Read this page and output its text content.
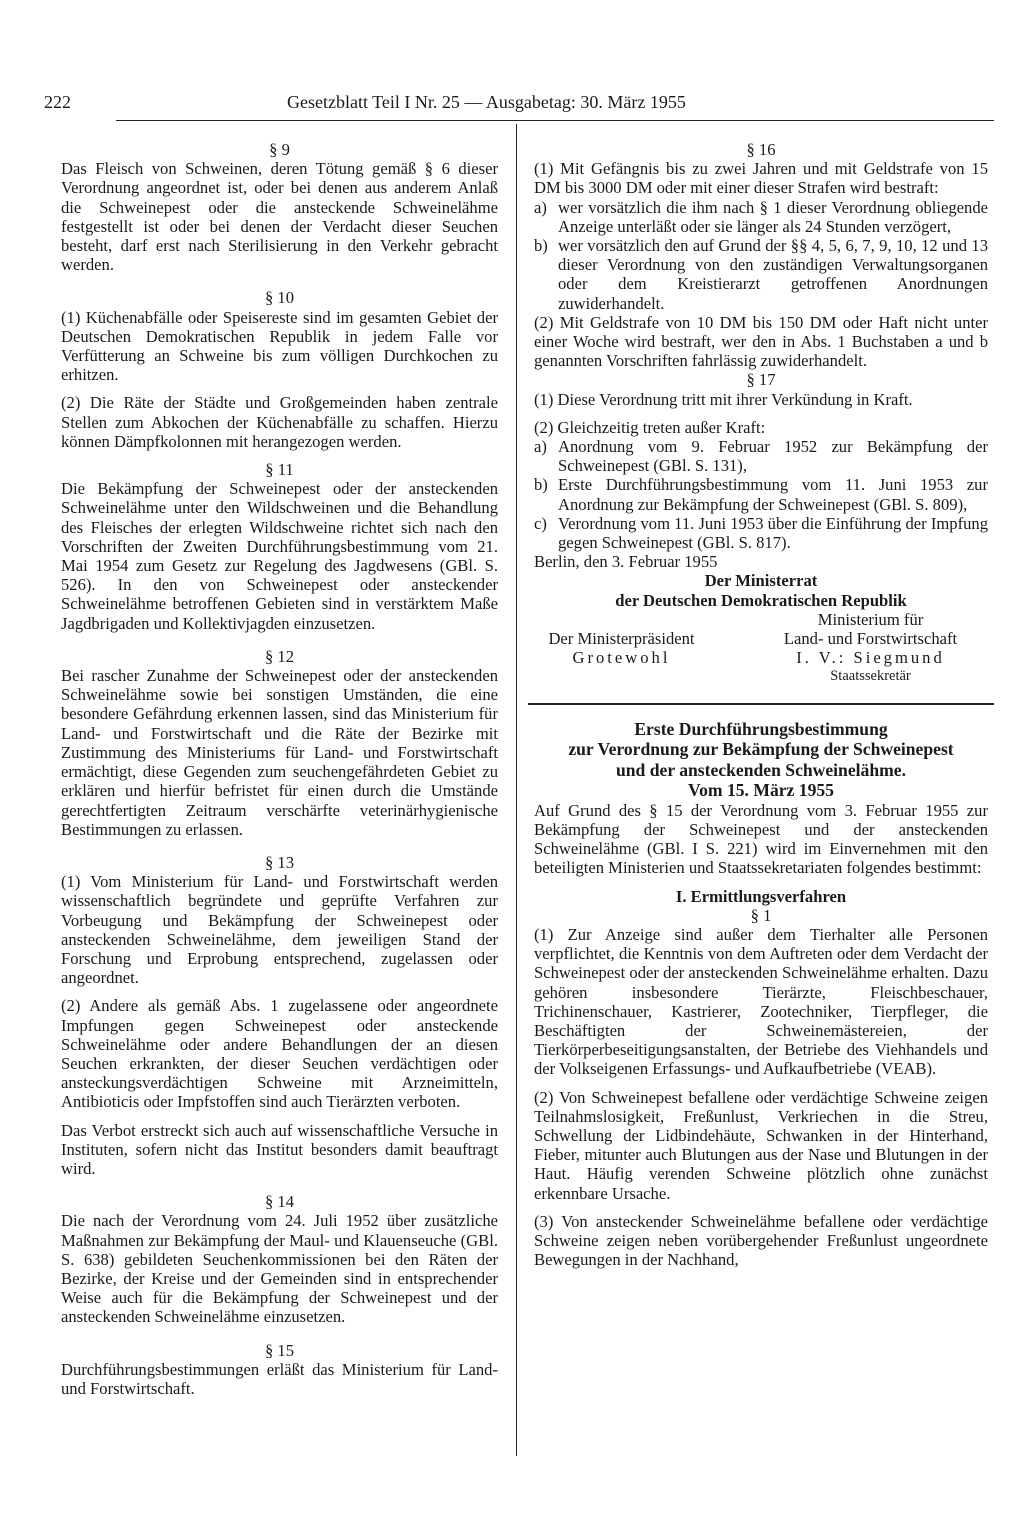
222	Gesetzblatt Teil I Nr. 25 — Ausgabetag: 30. März 1955

§ 9

Das Fleisch von Schweinen, deren Tötung gemäß § 6 dieser Verordnung angeordnet ist, oder bei denen aus anderem Anlaß die Schweinepest oder die ansteckende Schweinelähme festgestellt ist oder bei denen der Verdacht dieser Seuchen besteht, darf erst nach Sterilisierung in den Verkehr gebracht werden.

§ 10

(1) Küchenabfälle oder Speisereste sind im gesamten Gebiet der Deutschen Demokratischen Republik in jedem Falle vor Verfütterung an Schweine bis zum völligen Durchkochen zu erhitzen.

(2) Die Räte der Städte und Großgemeinden haben zentrale Stellen zum Abkochen der Küchenabfälle zu schaffen. Hierzu können Dämpfkolonnen mit herangezogen werden.

§ 11

Die Bekämpfung der Schweinepest oder der ansteckenden Schweinelähme unter den Wildschweinen und die Behandlung des Fleisches der erlegten Wildschweine richtet sich nach den Vorschriften der Zweiten Durchführungsbestimmung vom 21. Mai 1954 zum Gesetz zur Regelung des Jagdwesens (GBl. S. 526). In den von Schweinepest oder ansteckender Schweinelähme betroffenen Gebieten sind in verstärktem Maße Jagdbrigaden und Kollektivjagden einzusetzen.

§ 12

Bei rascher Zunahme der Schweinepest oder der ansteckenden Schweinelähme sowie bei sonstigen Umständen, die eine besondere Gefährdung erkennen lassen, sind das Ministerium für Land- und Forstwirtschaft und die Räte der Bezirke mit Zustimmung des Ministeriums für Land- und Forstwirtschaft ermächtigt, diese Gegenden zum seuchengefährdeten Gebiet zu erklären und hierfür befristet für einen durch die Umstände gerechtfertigten Zeitraum verschärfte veterinärhygienische Bestimmungen zu erlassen.

§ 13

(1) Vom Ministerium für Land- und Forstwirtschaft werden wissenschaftlich begründete und geprüfte Verfahren zur Vorbeugung und Bekämpfung der Schweinepest oder ansteckenden Schweinelähme, dem jeweiligen Stand der Forschung und Erprobung entsprechend, zugelassen oder angeordnet.

(2) Andere als gemäß Abs. 1 zugelassene oder angeordnete Impfungen gegen Schweinepest oder ansteckende Schweinelähme oder andere Behandlungen der an diesen Seuchen erkrankten, der dieser Seuchen verdächtigen oder ansteckungsverdächtigen Schweine mit Arzneimitteln, Antibioticis oder Impfstoffen sind auch Tierärzten verboten.

Das Verbot erstreckt sich auch auf wissenschaftliche Versuche in Instituten, sofern nicht das Institut besonders damit beauftragt wird.

§ 14

Die nach der Verordnung vom 24. Juli 1952 über zusätzliche Maßnahmen zur Bekämpfung der Maul- und Klauenseuche (GBl. S. 638) gebildeten Seuchenkommissionen bei den Räten der Bezirke, der Kreise und der Gemeinden sind in entsprechender Weise auch für die Bekämpfung der Schweinepest und der ansteckenden Schweinelähme einzusetzen.

§ 15

Durchführungsbestimmungen erläßt das Ministerium für Land- und Forstwirtschaft.

§ 16

(1) Mit Gefängnis bis zu zwei Jahren und mit Geldstrafe von 15 DM bis 3000 DM oder mit einer dieser Strafen wird bestraft:

a) wer vorsätzlich die ihm nach § 1 dieser Verordnung obliegende Anzeige unterläßt oder sie länger als 24 Stunden verzögert,
b) wer vorsätzlich den auf Grund der §§ 4, 5, 6, 7, 9, 10, 12 und 13 dieser Verordnung von den zuständigen Verwaltungsorganen oder dem Kreistierarzt getroffenen Anordnungen zuwiderhandelt.

(2) Mit Geldstrafe von 10 DM bis 150 DM oder Haft nicht unter einer Woche wird bestraft, wer den in Abs. 1 Buchstaben a und b genannten Vorschriften fahrlässig zuwiderhandelt.

§ 17

(1) Diese Verordnung tritt mit ihrer Verkündung in Kraft.

(2) Gleichzeitig treten außer Kraft:

a) Anordnung vom 9. Februar 1952 zur Bekämpfung der Schweinepest (GBl. S. 131),
b) Erste Durchführungsbestimmung vom 11. Juni 1953 zur Anordnung zur Bekämpfung der Schweinepest (GBl. S. 809),
c) Verordnung vom 11. Juni 1953 über die Einführung der Impfung gegen Schweinepest (GBl. S. 817).

Berlin, den 3. Februar 1955

Der Ministerrat

der Deutschen Demokratischen Republik

Der Ministerpräsident

Grotewohl

Ministerium für

Land- und Forstwirtschaft

I. V.: Siegmund

Staatssekretär

Erste Durchführungsbestimmung

zur Verordnung zur Bekämpfung der Schweinepest

und der ansteckenden Schweinelähme.

Vom 15. März 1955

Auf Grund des § 15 der Verordnung vom 3. Februar 1955 zur Bekämpfung der Schweinepest und der ansteckenden Schweinelähme (GBl. I S. 221) wird im Einvernehmen mit den beteiligten Ministerien und Staatssekretariaten folgendes bestimmt:

I. Ermittlungsverfahren

§ 1

(1) Zur Anzeige sind außer dem Tierhalter alle Personen verpflichtet, die Kenntnis von dem Auftreten oder dem Verdacht der Schweinepest oder der ansteckenden Schweinelähme erhalten. Dazu gehören insbesondere Tierärzte, Fleischbeschauer, Trichinenschauer, Kastrierer, Zootechniker, Tierpfleger, die Beschäftigten der Schweinemästereien, der Tierkörperbeseitigungsanstalten, der Betriebe des Viehhandels und der Volkseigenen Erfassungs- und Aufkaufbetriebe (VEAB).

(2) Von Schweinepest befallene oder verdächtige Schweine zeigen Teilnahmslosigkeit, Freßunlust, Verkriechen in die Streu, Schwellung der Lidbindehäute, Schwanken in der Hinterhand, Fieber, mitunter auch Blutungen aus der Nase und Blutungen in der Haut. Häufig verenden Schweine plötzlich ohne zunächst erkennbare Ursache.

(3) Von ansteckender Schweinelähme befallene oder verdächtige Schweine zeigen neben vorübergehender Freßunlust ungeordnete Bewegungen in der Nachhand,
